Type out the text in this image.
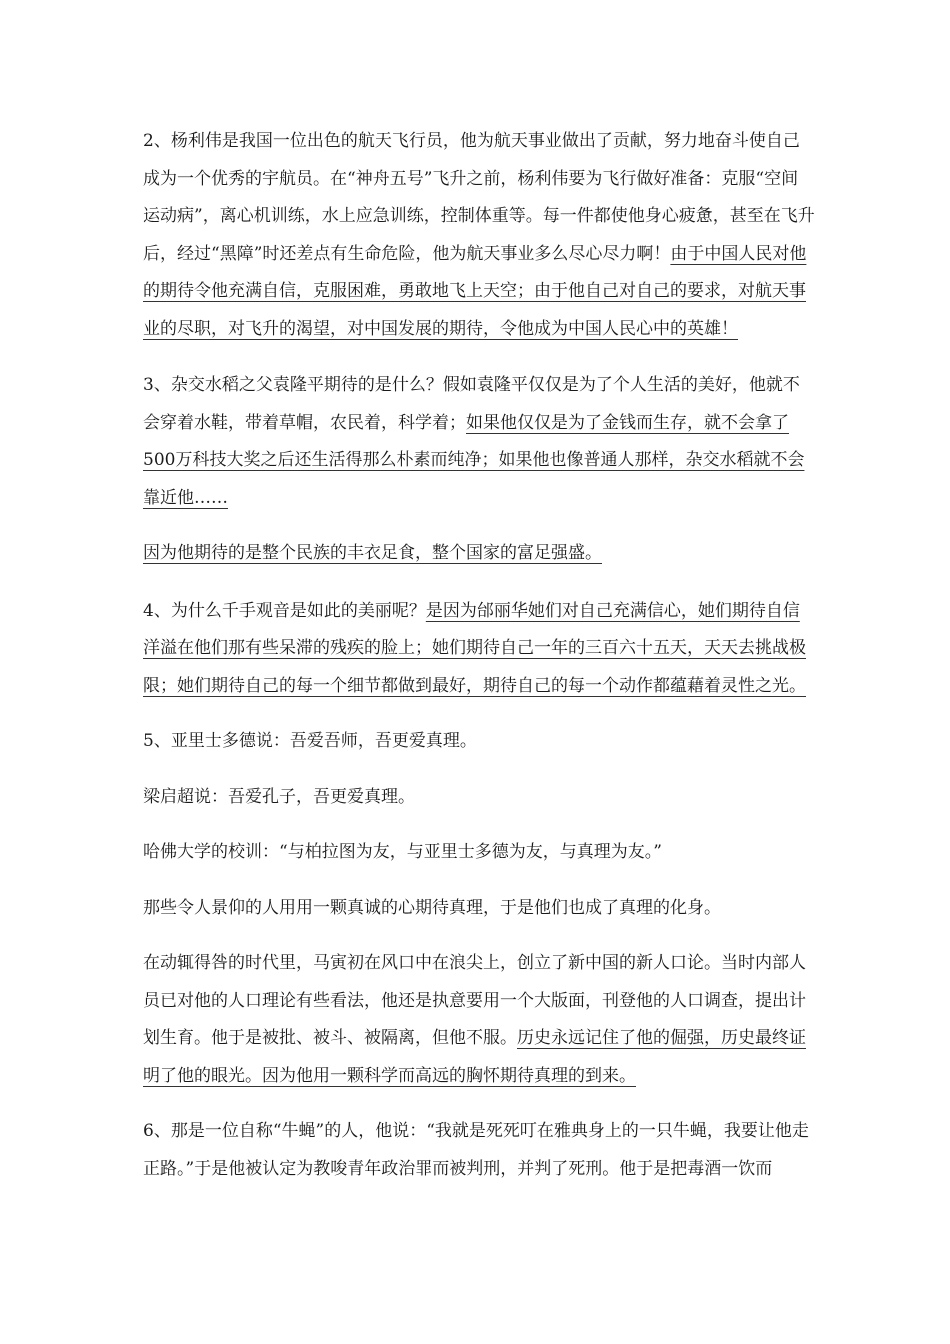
2、杨利伟是我国一位出色的航天飞行员，他为航天事业做出了贡献，努力地奋斗使自己成为一个优秀的宇航员。在“神舟五号”飞升之前，杨利伟要为飞行做好准备：克服“空间运动病”，离心机训练，水上应急训练，控制体重等。每一件都使他身心疲惫，甚至在飞升后，经过“黑障”时还差点有生命危险，他为航天事业多么尽心尽力啊！由于中国人民对他的期待令他充满自信，克服困难，勇敢地飞上天空；由于他自己对自己的要求，对航天事业的尽职，对飞升的渴望，对中国发展的期待，令他成为中国人民心中的英雄！

3、杂交水稻之父袁隆平期待的是什么？假如袁隆平仅仅是为了个人生活的美好，他就不会穿着水鞋，带着草帽，农民着，科学着；如果他仅仅是为了金钱而生存，就不会拿了500万科技大奖之后还生活得那么朴素而纯净；如果他也像普通人那样，杂交水稻就不会靠近他……

因为他期待的是整个民族的丰衣足食，整个国家的富足强盛。

4、为什么千手观音是如此的美丽呢？是因为邰丽华她们对自己充满信心，她们期待自信洋溢在他们那有些呆滞的残疾的脸上；她们期待自己一年的三百六十五天，天天去挑战极限；她们期待自己的每一个细节都做到最好，期待自己的每一个动作都蕴藉着灵性之光。

5、亚里士多德说：吾爱吾师，吾更爱真理。

梁启超说：吾爱孔子，吾更爱真理。

哈佛大学的校训：“与柏拉图为友，与亚里士多德为友，与真理为友。”

那些令人景仰的人用用一颗真诚的心期待真理，于是他们也成了真理的化身。

在动辄得咎的时代里，马寅初在风口中在浪尖上，创立了新中国的新人口论。当时内部人员已对他的人口理论有些看法，他还是执意要用一个大版面，刊登他的人口调查，提出计划生育。他于是被批、被斗、被隔离，但他不服。历史永远记住了他的倔强，历史最终证明了他的眼光。因为他用一颗科学而高远的胸怀期待真理的到来。

6、那是一位自称“牛蝇”的人，他说：“我就是死死叮在雅典身上的一只牛蝇，我要让他走正路。”于是他被认定为教唆青年政治罪而被判刑，并判了死刑。他于是把毒酒一饮而
